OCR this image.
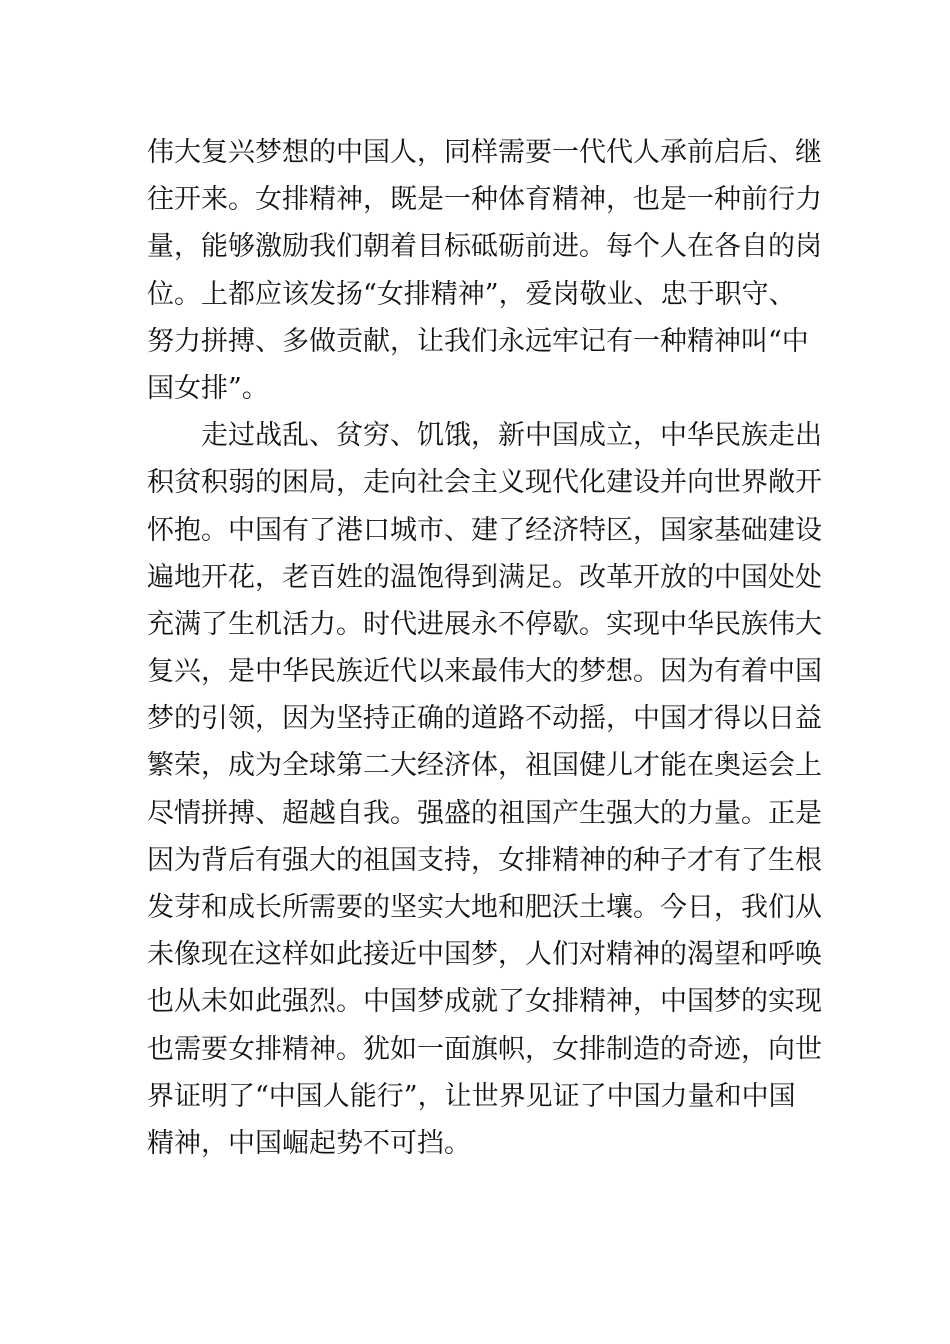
伟大复兴梦想的中国人，同样需要一代代人承前启后、继
往开来。女排精神，既是一种体育精神，也是一种前行力
量，能够激励我们朝着目标砥砺前进。每个人在各自的岗
位。上都应该发扬“女排精神”，爱岗敬业、忠于职守、
努力拼搏、多做贡献，让我们永远牢记有一种精神叫“中
国女排”。
　　走过战乱、贫穷、饥饿，新中国成立，中华民族走出
积贫积弱的困局，走向社会主义现代化建设并向世界敞开
怀抱。中国有了港口城市、建了经济特区，国家基础建设
遍地开花，老百姓的温饱得到满足。改革开放的中国处处
充满了生机活力。时代进展永不停歇。实现中华民族伟大
复兴，是中华民族近代以来最伟大的梦想。因为有着中国
梦的引领，因为坚持正确的道路不动摇，中国才得以日益
繁荣，成为全球第二大经济体，祖国健儿才能在奥运会上
尽情拼搏、超越自我。强盛的祖国产生强大的力量。正是
因为背后有强大的祖国支持，女排精神的种子才有了生根
发芽和成长所需要的坚实大地和肥沃土壤。今日，我们从
未像现在这样如此接近中国梦，人们对精神的渴望和呼唤
也从未如此强烈。中国梦成就了女排精神，中国梦的实现
也需要女排精神。犹如一面旗帜，女排制造的奇迹，向世
界证明了“中国人能行”，让世界见证了中国力量和中国
精神，中国崛起势不可挡。
